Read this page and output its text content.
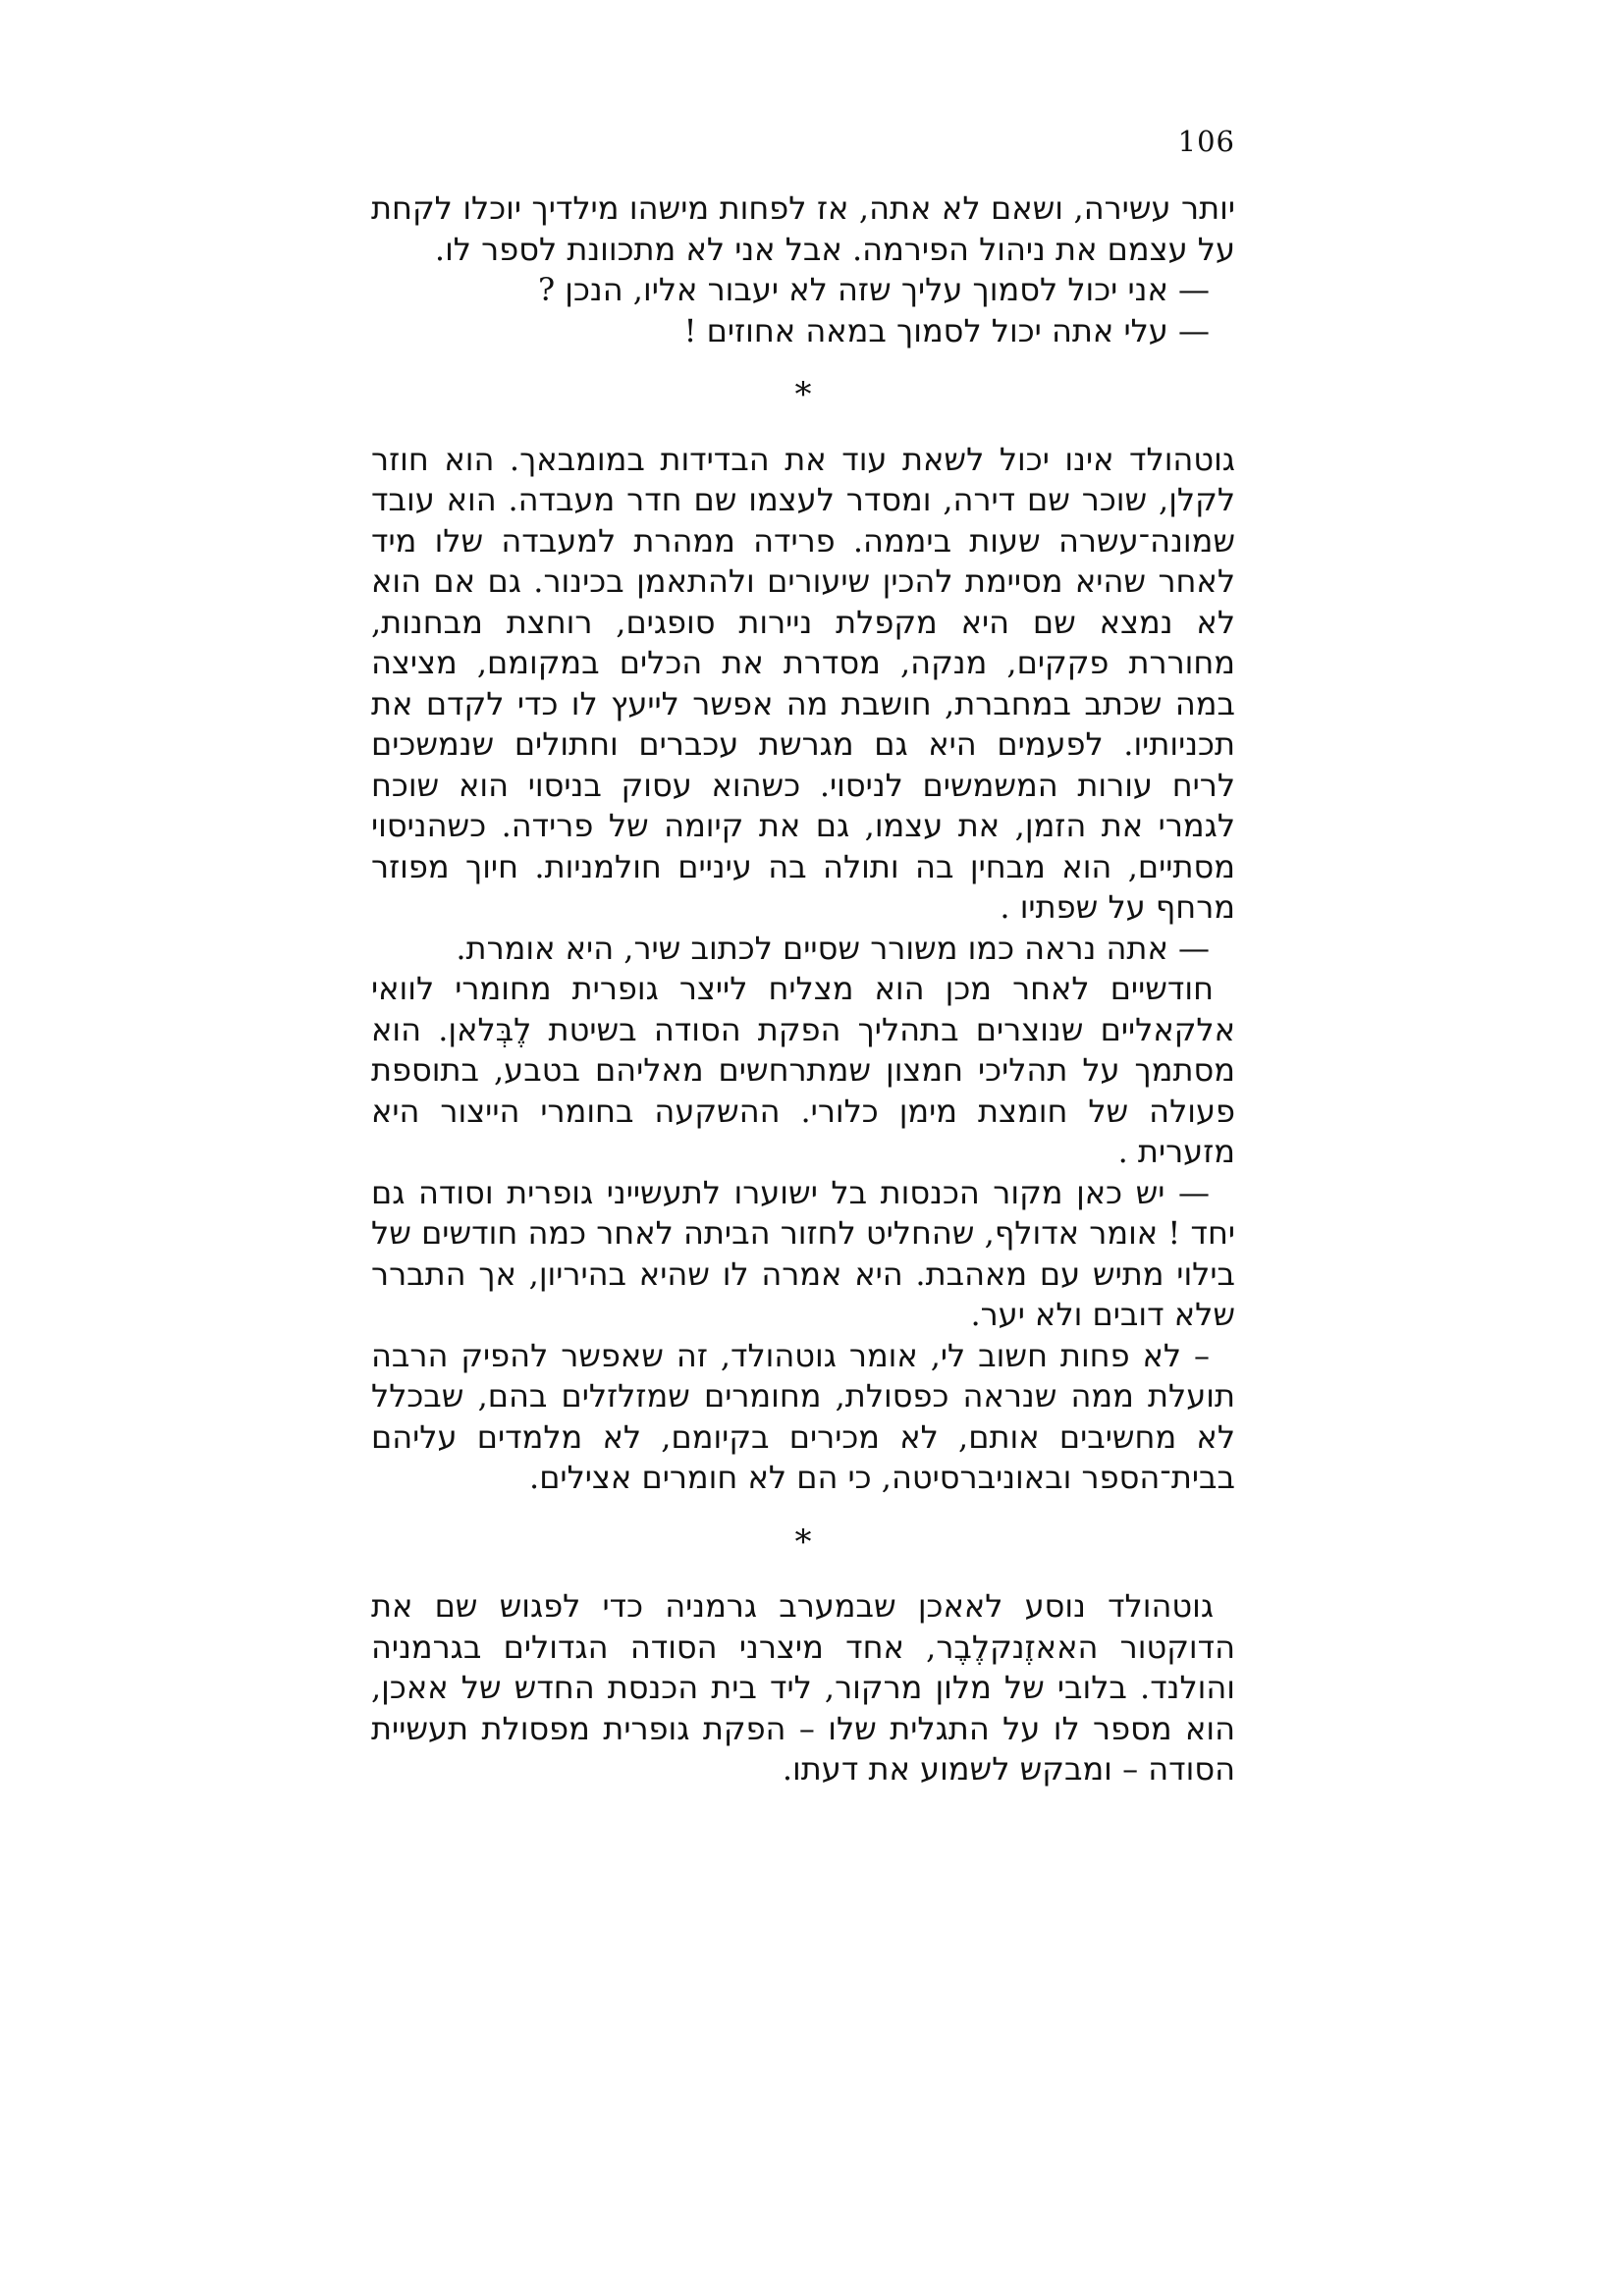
106

יותר עשירה, ושאם לא אתה, אז לפחות מישהו מילדיך יוכלו לקחת על עצמם את ניהול הפירמה. אבל אני לא מתכוונת לספר לו.

— אני יכול לסמוך עליך שזה לא יעבור אליו, הנכן ?

— עלי אתה יכול לסמוך במאה אחוזים !

*

גוטהולד אינו יכול לשאת עוד את הבדידות במומבאך. הוא חוזר לקלן, שוכר שם דירה, ומסדר לעצמו שם חדר מעבדה. הוא עובד שמונה־עשרה שעות ביממה. פרידה ממהרת למעבדה שלו מיד לאחר שהיא מסיימת להכין שיעורים ולהתאמן בכינור. גם אם הוא לא נמצא שם היא מקפלת ניירות סופגים, רוחצת מבחנות, מחוררת פקקים, מנקה, מסדרת את הכלים במקומם, מציצה במה שכתב במחברת, חושבת מה אפשר לייעץ לו כדי לקדם את תכניותיו. לפעמים היא גם מגרשת עכברים וחתולים שנמשכים לריח עורות המשמשים לניסוי. כשהוא עסוק בניסוי הוא שוכח לגמרי את הזמן, את עצמו, גם את קיומה של פרידה. כשהניסוי מסתיים, הוא מבחין בה ותולה בה עיניים חולמניות. חיוך מפוזר מרחף על שפתיו .

— אתה נראה כמו משורר שסיים לכתוב שיר, היא אומרת.

חודשיים לאחר מכן הוא מצליח לייצר גופרית מחומרי לוואי אלקאליים שנוצרים בתהליך הפקת הסודה בשיטת לֶבְּלאן. הוא מסתמך על תהליכי חמצון שמתרחשים מאליהם בטבע, בתוספת פעולה של חומצת מימן כלורי. ההשקעה בחומרי הייצור היא מזערית .

— יש כאן מקור הכנסות בל ישוערו לתעשייני גופרית וסודה גם יחד ! אומר אדולף, שהחליט לחזור הביתה לאחר כמה חודשים של בילוי מתיש עם מאהבת. היא אמרה לו שהיא בהיריון, אך התברר שלא דובים ולא יער.

– לא פחות חשוב לי, אומר גוטהולד, זה שאפשר להפיק הרבה תועלת ממה שנראה כפסולת, מחומרים שמזלזלים בהם, שבכלל לא מחשיבים אותם, לא מכירים בקיומם, לא מלמדים עליהם בבית־הספר ובאוניברסיטה, כי הם לא חומרים אצילים.

*

גוטהולד נוסע לאאכן שבמערב גרמניה כדי לפגוש שם את הדוקטור האאזֶנקלֶבֶר, אחד מיצרני הסודה הגדולים בגרמניה והולנד. בלובי של מלון מרקור, ליד בית הכנסת החדש של אאכן, הוא מספר לו על התגלית שלו – הפקת גופרית מפסולת תעשיית הסודה – ומבקש לשמוע את דעתו.
